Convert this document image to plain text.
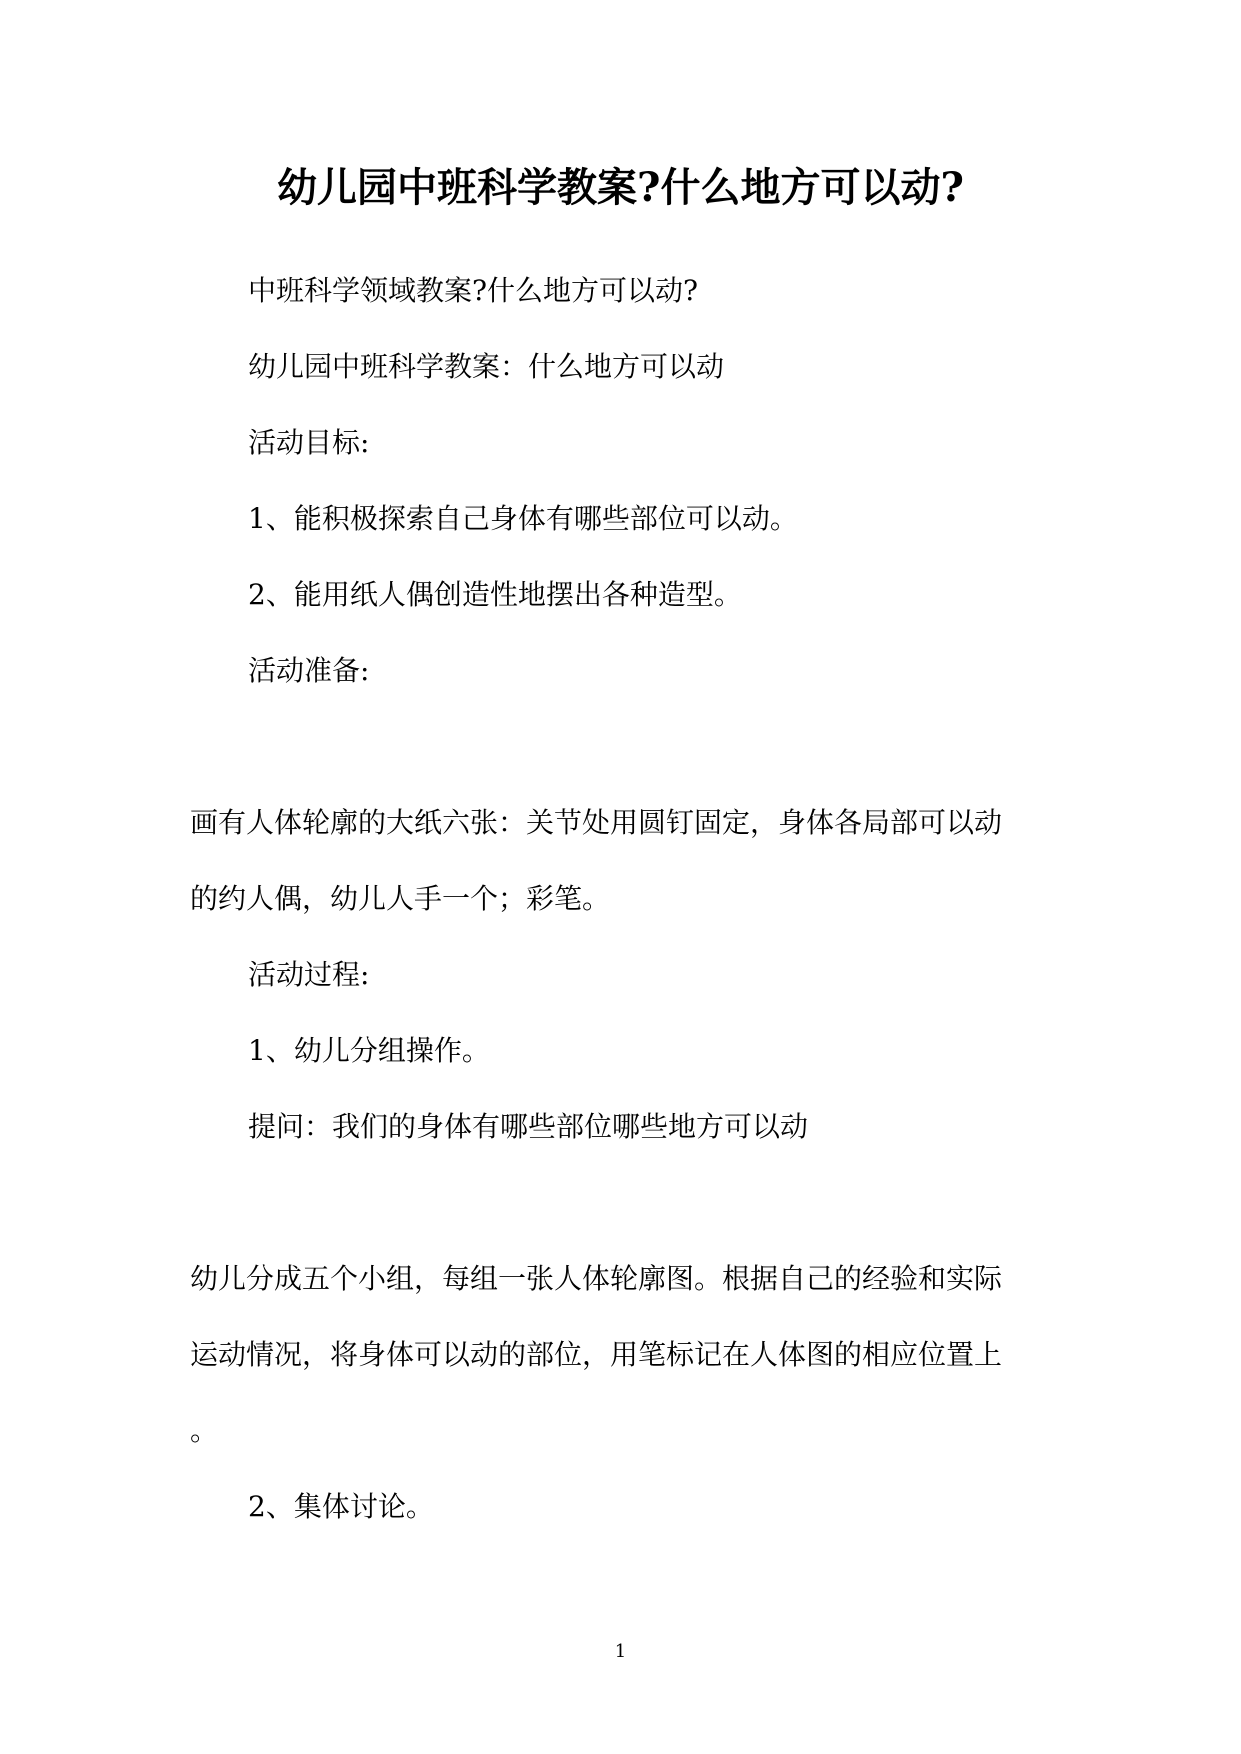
幼儿园中班科学教案?什么地方可以动?
中班科学领域教案?什么地方可以动?
幼儿园中班科学教案：什么地方可以动
活动目标:
1、能积极探索自己身体有哪些部位可以动。
2、能用纸人偶创造性地摆出各种造型。
活动准备:
画有人体轮廓的大纸六张：关节处用圆钉固定，身体各局部可以动
的约人偶，幼儿人手一个；彩笔。
活动过程:
1、幼儿分组操作。
提问：我们的身体有哪些部位哪些地方可以动
幼儿分成五个小组，每组一张人体轮廓图。根据自己的经验和实际
运动情况，将身体可以动的部位，用笔标记在人体图的相应位置上
。
2、集体讨论。
1
